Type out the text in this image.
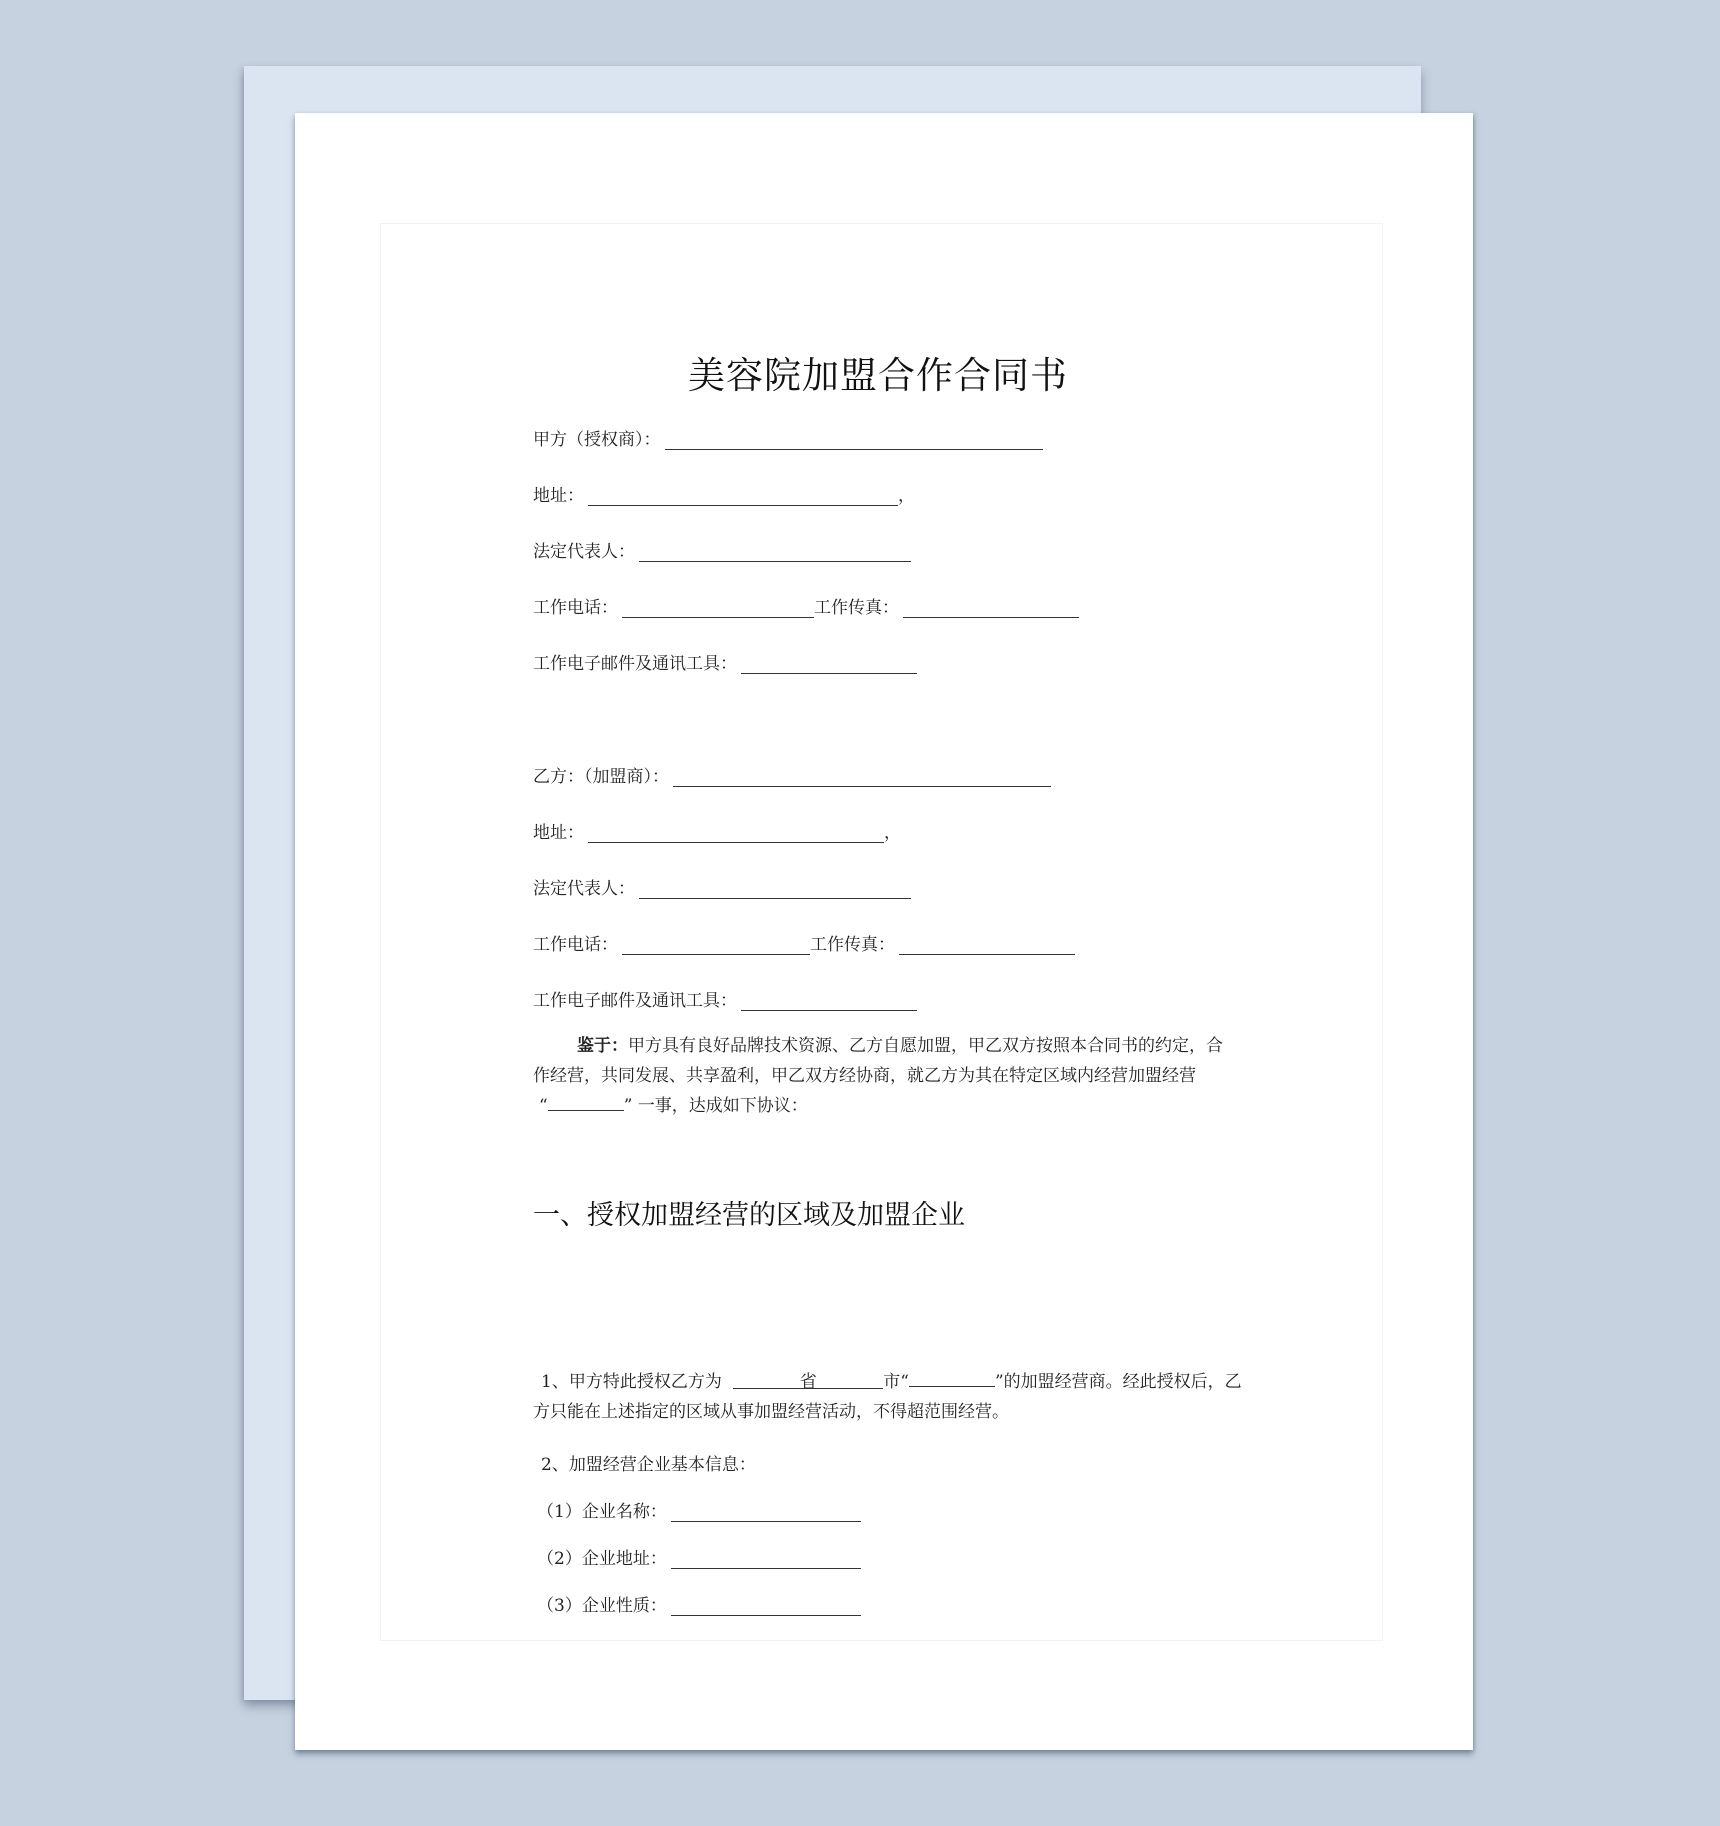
美容院加盟合作合同书
甲方（授权商）：
地址：	，
法定代表人：
工作电话：	工作传真：
工作电子邮件及通讯工具：
乙方：（加盟商）：
地址：	，
法定代表人：
工作电话：	工作传真：
工作电子邮件及通讯工具：
鉴于：甲方具有良好品牌技术资源、乙方自愿加盟，甲乙双方按照本合同书的约定，合作经营，共同发展、共享盈利，甲乙双方经协商，就乙方为其在特定区域内经营加盟经营
“	” 一事，达成如下协议：
一、授权加盟经营的区域及加盟企业
1、甲方特此授权乙方为	省	市“	”的加盟经营商。经此授权后，乙方只能在上述指定的区域从事加盟经营活动，不得超范围经营。
2、加盟经营企业基本信息：
（1）企业名称：
（2）企业地址：
（3）企业性质：
